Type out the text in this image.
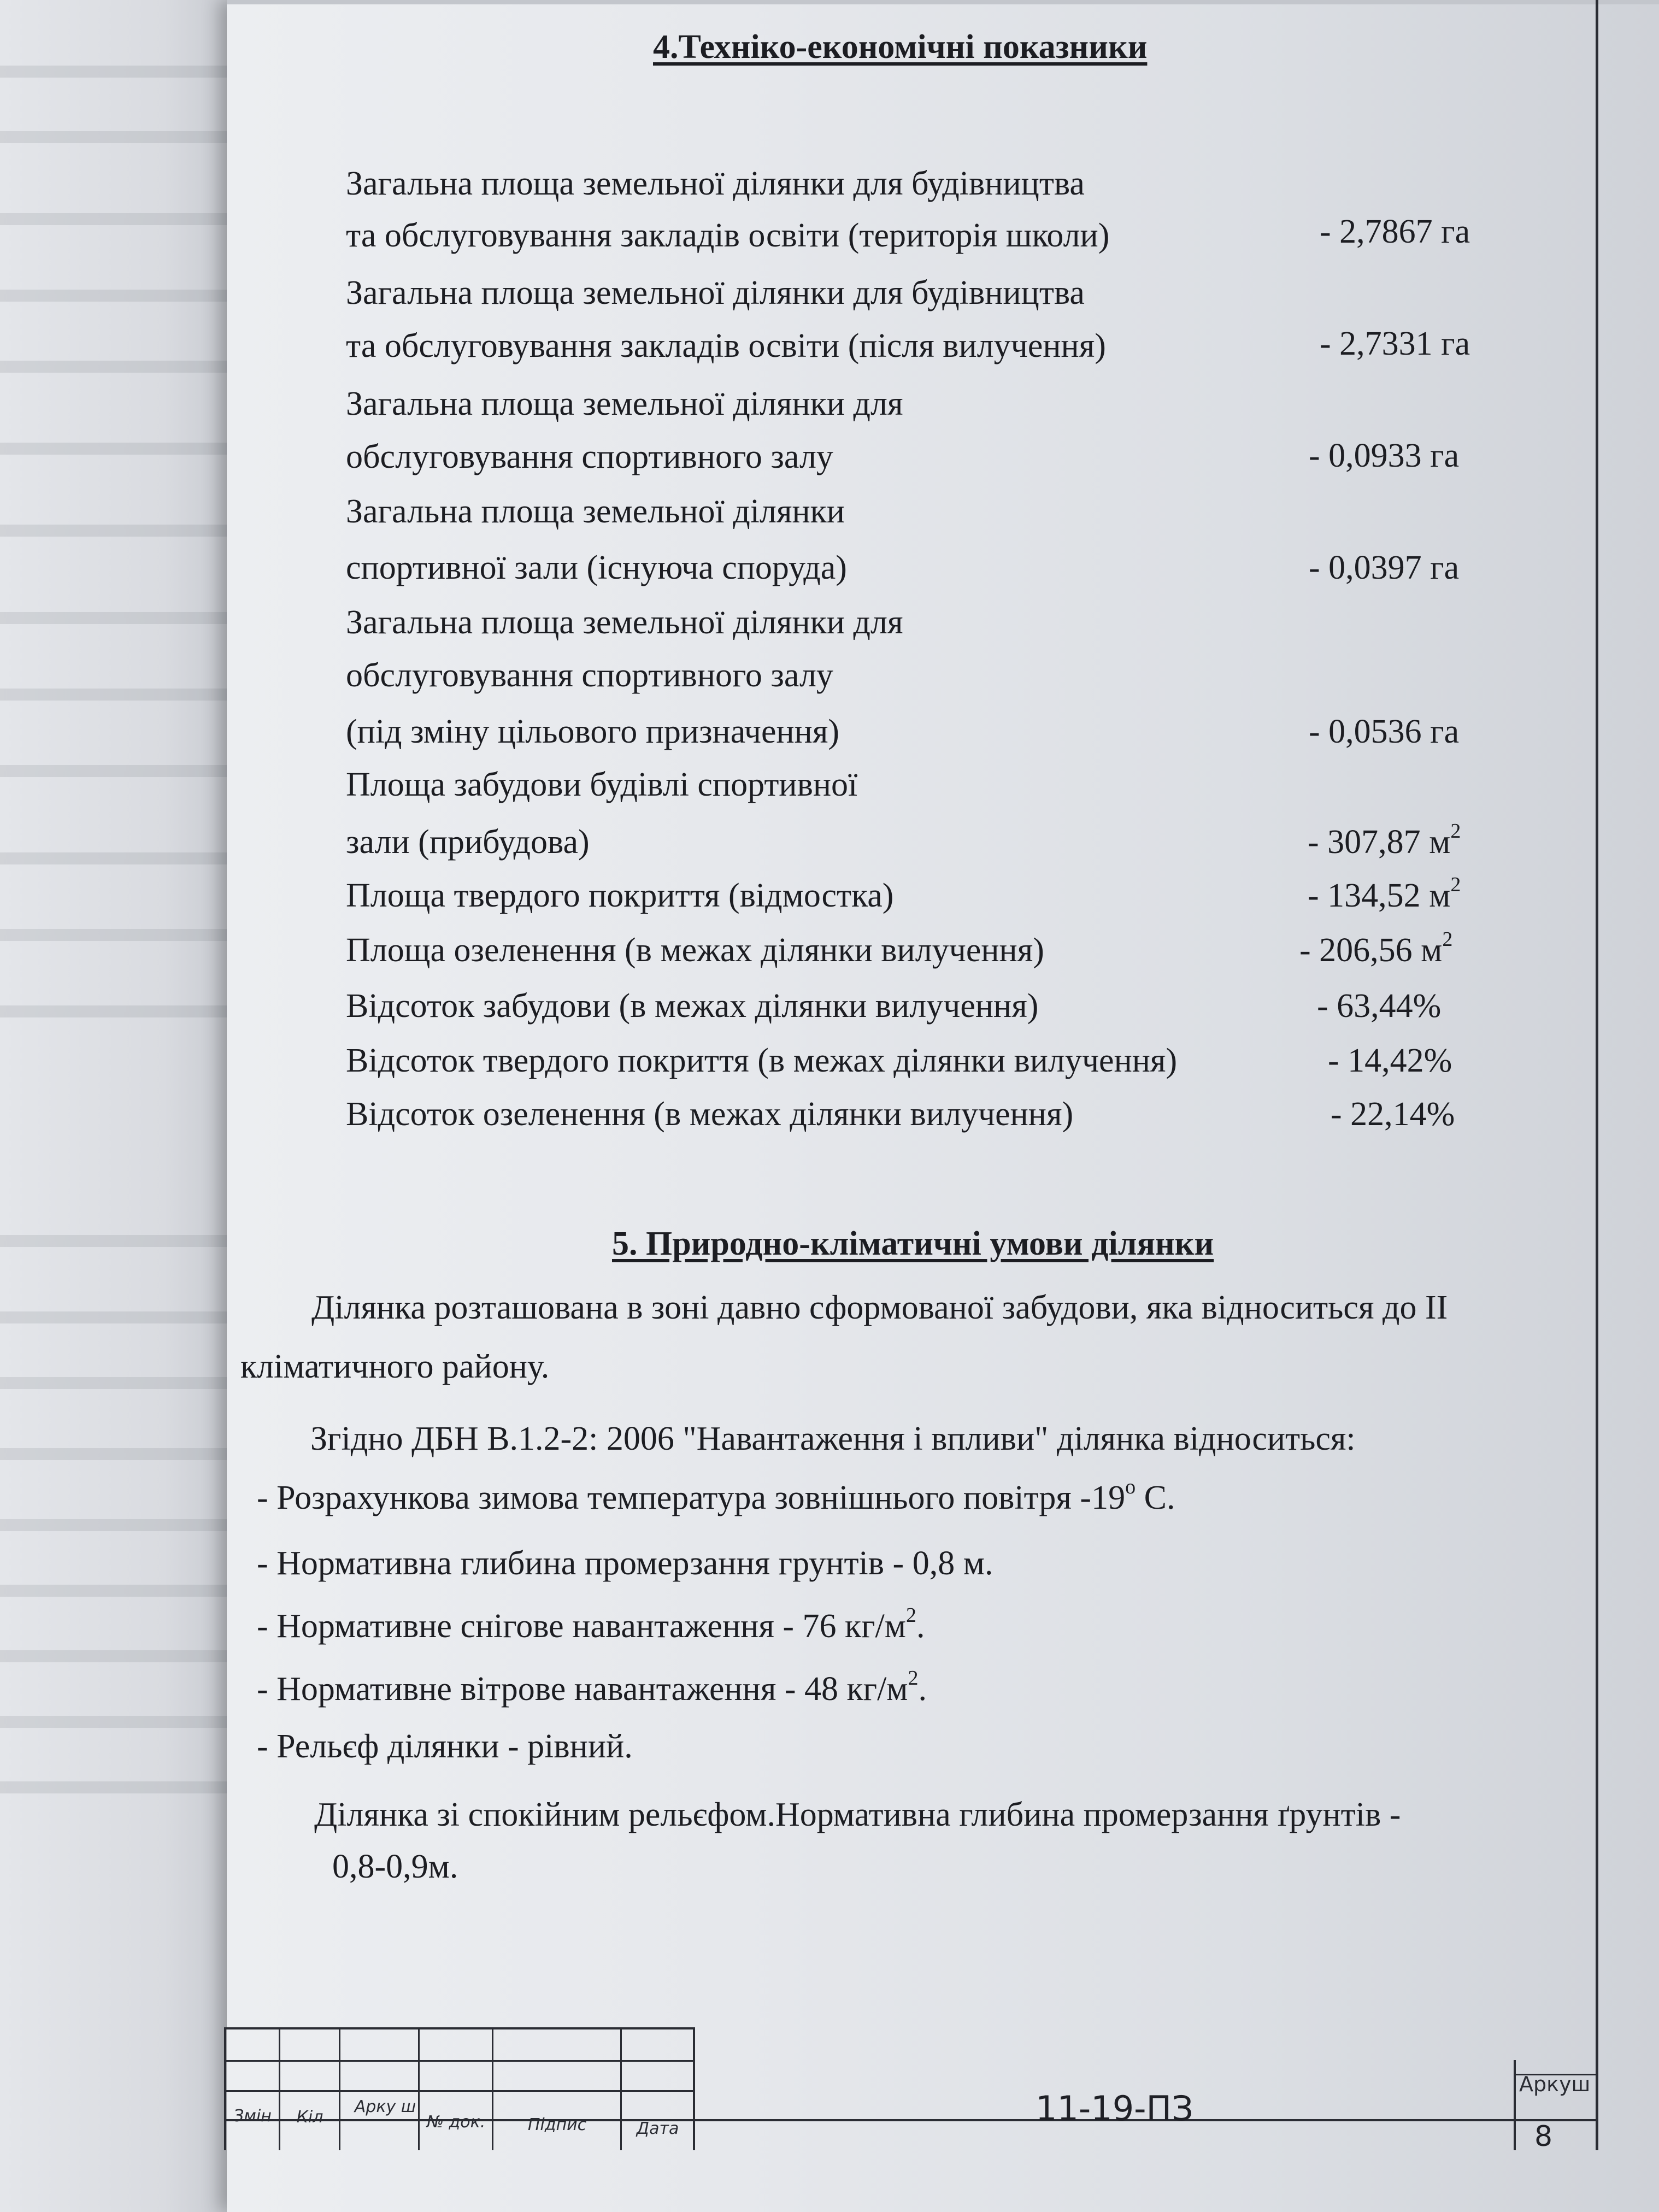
4.Техніко-економічні показники
Загальна площа земельної ділянки для будівництва
та обслуговування закладів освіти (територія школи)	- 2,7867 га
Загальна площа земельної ділянки для будівництва
та обслуговування закладів освіти (після вилучення)	- 2,7331 га
Загальна площа земельної ділянки для
обслуговування спортивного залу	- 0,0933 га
Загальна площа земельної ділянки
спортивної зали (існуюча споруда)	- 0,0397 га
Загальна площа земельної ділянки для
обслуговування спортивного залу
(під зміну цільового призначення)	- 0,0536 га
Площа забудови будівлі спортивної
зали (прибудова)	- 307,87 $м^2$
Площа твердого покриття (відмостка)	- 134,52 $м^2$
Площа озеленення (в межах ділянки вилучення)	- 206,56 $м^2$
Відсоток забудови (в межах ділянки вилучення)	- 63,44%
Відсоток твердого покриття (в межах ділянки вилучення)	- 14,42%
Відсоток озеленення (в межах ділянки вилучення)	- 22,14%
5. Природно-кліматичні умови ділянки
Ділянка розташована в зоні давно сформованої забудови, яка відноситься до ІІ
кліматичного району.
Згідно ДБН В.1.2-2: 2006 "Навантаження і впливи" ділянка відноситься:
- Розрахункова зимова температура зовнішнього повітря $-19^о$ С.
- Нормативна глибина промерзання грунтів - 0,8 м.
- Нормативне снігове навантаження - 76 $кг/м^2$.
- Нормативне вітрове навантаження - 48 $кг/м^2$.
- Рельєф ділянки - рівний.
Ділянка зі спокійним рельєфом.Нормативна глибина промерзання ґрунтів -
0,8-0,9м.
Змін	Кіл
Арку ш
№ док.	Підпис	Дата
11-19-ПЗ
Аркуш
8
